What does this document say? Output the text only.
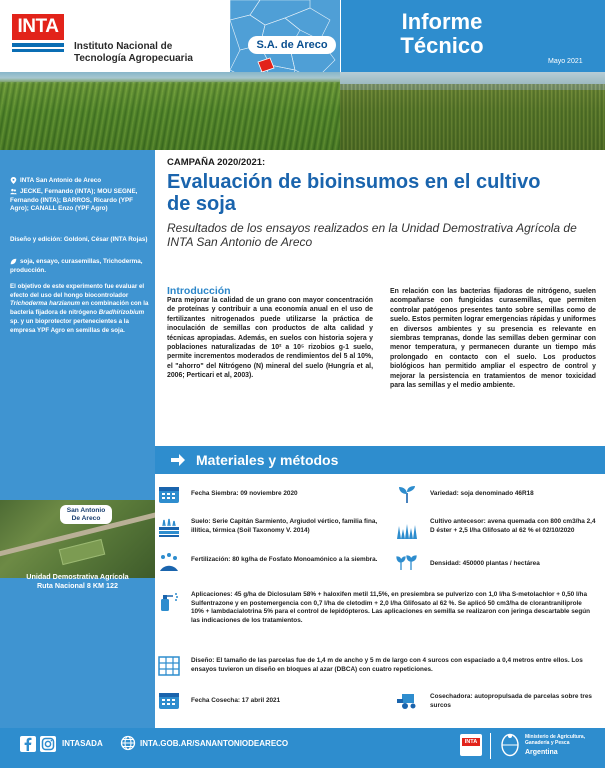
INTA
Instituto Nacional de Tecnología Agropecuaria
S.A. de Areco
Informe Técnico
Mayo 2021
INTA San Antonio de Areco
JECKE, Fernando (INTA); MOU SEGNE, Fernando (INTA); BARROS, Ricardo (YPF Agro); CANALL Enzo (YPF Agro)
Diseño y edición: Goldoni, César (INTA Rojas)
soja, ensayo, curasemillas, Trichoderma, producción.
El objetivo de este experimento fue evaluar el efecto del uso del hongo biocontrolador Trichoderma harzianum en combinación con la bacteria fijadora de nitrógeno Bradhirizobium sp. y un bioprotector pertenecientes a la empresa YPF Agro en semillas de soja.
San Antonio De Areco
Unidad Demostrativa Agrícola
Ruta Nacional 8 KM 122
CAMPAÑA 2020/2021:
Evaluación de bioinsumos en el cultivo de soja
Resultados de los ensayos realizados en la Unidad Demostrativa Agrícola de INTA San Antonio de Areco
Introducción
Para mejorar la calidad de un grano con mayor concentración de proteínas y contribuir a una economía anual en el uso de fertilizantes nitrogenados puede utilizarse la práctica de inoculación de semillas con productos de alta calidad y técnicas apropiadas. Además, en suelos con historia sojera y poblaciones naturalizadas de 10² a 10⁵ rizobios g-1 suelo, permite incrementos moderados de rendimientos del 5 al 10%, el "ahorro" del Nitrógeno (N) mineral del suelo (Hungría et al, 2006; Perticari et al, 2003).
En relación con las bacterias fijadoras de nitrógeno, suelen acompañarse con fungicidas curasemillas, que permiten controlar patógenos presentes tanto sobre semillas como de suelo. Estos permiten lograr emergencias rápidas y uniformes en diversos ambientes y su presencia es relevante en siembras tempranas, donde las semillas deben germinar con menor temperatura, y permanecen durante un tiempo más prolongado en contacto con el suelo. Los productos biológicos han permitido ampliar el espectro de control y mejorar la persistencia en tratamientos de menor toxicidad para las semillas y el medio ambiente.
Materiales y métodos
Fecha Siembra: 09 noviembre 2020	Variedad: soja denominado 46R18
Suelo: Serie Capitán Sarmiento, Argiudol vértico, familia fina, illítica, térmica (Soil Taxonomy V. 2014)
Cultivo antecesor: avena quemada con 800 cm3/ha 2,4 D éster + 2,5 l/ha Glifosato al 62 % el 02/10/2020
Fertilización: 80 kg/ha de Fosfato Monoamónico a la siembra.
Densidad: 450000 plantas / hectárea
Aplicaciones: 45 g/ha de Diclosulam 58% + haloxifen metil 11,5%, en presiembra se pulverizo con 1,0 l/ha S-metolachlor + 0,50 l/ha Sulfentrazone y en postemergencia con 0,7 l/ha de cletodim + 2,0 l/ha Glifosato al 62 %. Se aplicó 50 cm3/ha de clorantraniliprole 10% + lambdacialotrina 5% para el control de lepidópteros. Las aplicaciones en semilla se realizaron con jeringa descartable según las indicaciones de los tratamientos.
Diseño: El tamaño de las parcelas fue de 1,4 m de ancho y 5 m de largo con 4 surcos con espaciado a 0,4 metros entre ellos. Los ensayos tuvieron un diseño en bloques al azar (DBCA) con cuatro repeticiones.
Fecha Cosecha: 17 abril 2021
Cosechadora: autopropulsada de parcelas sobre tres surcos
INTASADA	INTA.GOB.AR/SANANTONIODEARECO	INTA
Ministerio de Agricultura, Ganadería y Pesca
Argentina
